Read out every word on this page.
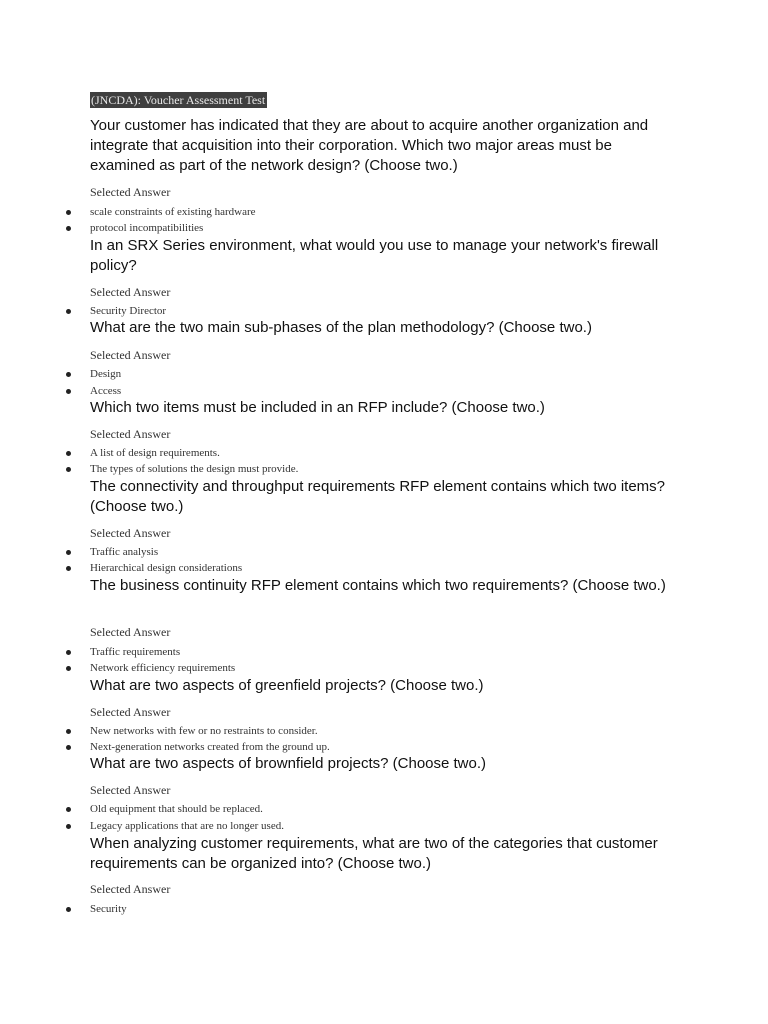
(JNCDA): Voucher Assessment Test
Your customer has indicated that they are about to acquire another organization and integrate that acquisition into their corporation. Which two major areas must be examined as part of the network design? (Choose two.)
Selected Answer
scale constraints of existing hardware
protocol incompatibilities
In an SRX Series environment, what would you use to manage your network's firewall policy?
Selected Answer
Security Director
What are the two main sub-phases of the plan methodology? (Choose two.)
Selected Answer
Design
Access
Which two items must be included in an RFP include? (Choose two.)
Selected Answer
A list of design requirements.
The types of solutions the design must provide.
The connectivity and throughput requirements RFP element contains which two items? (Choose two.)
Selected Answer
Traffic analysis
Hierarchical design considerations
The business continuity RFP element contains which two requirements? (Choose two.)
Selected Answer
Traffic requirements
Network efficiency requirements
What are two aspects of greenfield projects? (Choose two.)
Selected Answer
New networks with few or no restraints to consider.
Next-generation networks created from the ground up.
What are two aspects of brownfield projects? (Choose two.)
Selected Answer
Old equipment that should be replaced.
Legacy applications that are no longer used.
When analyzing customer requirements, what are two of the categories that customer requirements can be organized into? (Choose two.)
Selected Answer
Security
